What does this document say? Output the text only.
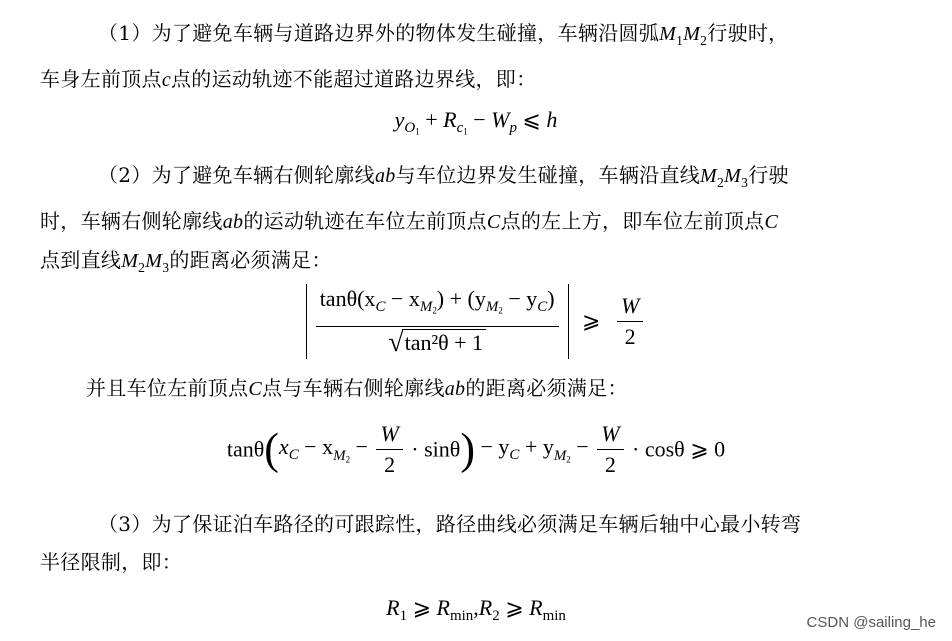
（1）为了避免车辆与道路边界外的物体发生碰撞，车辆沿圆弧$M_1M_2$行驶时，
车身左前顶点c点的运动轨迹不能超过道路边界线，即：
$y_{O1} + R_{c1} - W_p$ ⩽ h
（2）为了避免车辆右侧轮廓线ab与车位边界发生碰撞，车辆沿直线$M_2M_3$行驶
时，车辆右侧轮廓线ab的运动轨迹在车位左前顶点C点的左上方，即车位左前顶点C
点到直线$M_2M_3$的距离必须满足：
$\frac{\tan\theta(x_C - x_{M2}) + (y_{M2} - y_C)}{\text{√ tan²θ + 1}}$ ⩾ $\frac{W}{2}$
并且车位左前顶点C点与车辆右侧轮廓线ab的距离必须满足：
$\tan\theta(x_C - x_{M2} - \frac{W}{2} \cdot \sin\theta) - y_C + y_{M2} - \frac{W}{2} \cdot \cos\theta$ ⩾ 0
（3）为了保证泊车路径的可跟踪性，路径曲线必须满足车辆后轴中心最小转弯
半径限制，即：
$R_1$ ⩾ $R_{min},R_2$ ⩾ $R_{min}$	CSDN @sailing_he
